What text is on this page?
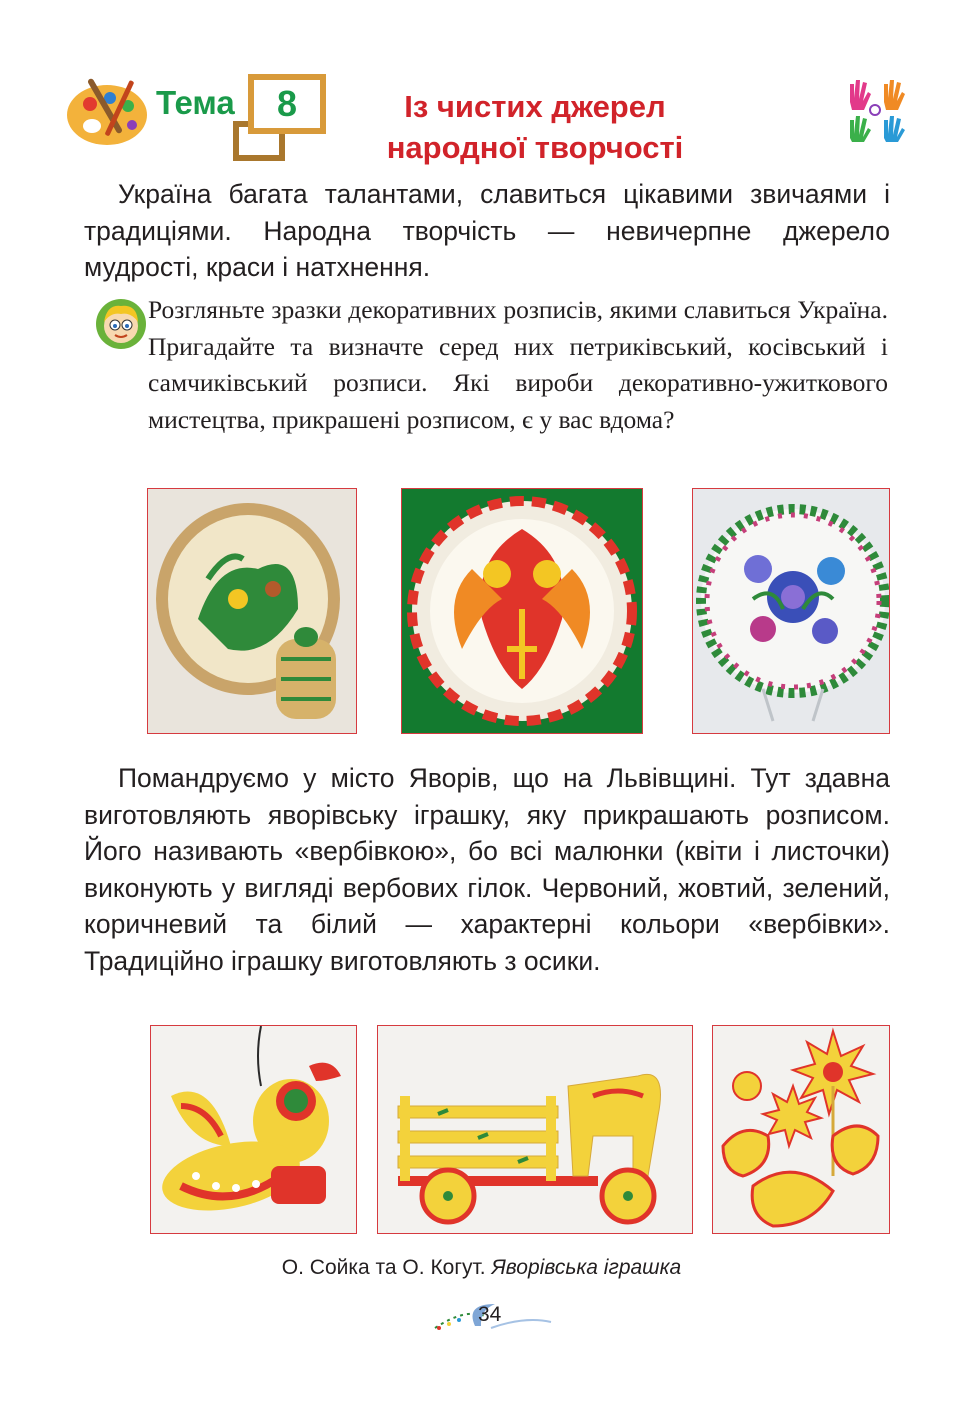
Тема	8	Із чистих джерел
народної творчості
Україна багата талантами, славиться цікавими звичаями і традиціями. Народна творчість — невичерпне джерело мудрості, краси і натхнення.
Розгляньте зразки декоративних розписів, якими славиться Україна. Пригадайте та визначте серед них петриківський, косівський і самчиківський розписи. Які вироби декоративно-ужиткового мистецтва, прикрашені розписом, є у вас вдома?
Помандруємо у місто Яворів, що на Львівщині. Тут здавна виготовляють яворівську іграшку, яку прикрашають розписом. Його називають «вербівкою», бо всі малюнки (квіти і листочки) виконують у вигляді вербових гілок. Червоний, жовтий, зелений, коричневий та білий — характерні кольори «вербівки». Традиційно іграшку виготовляють з осики.
О. Сойка та О. Когут. Яворівська іграшка
34
